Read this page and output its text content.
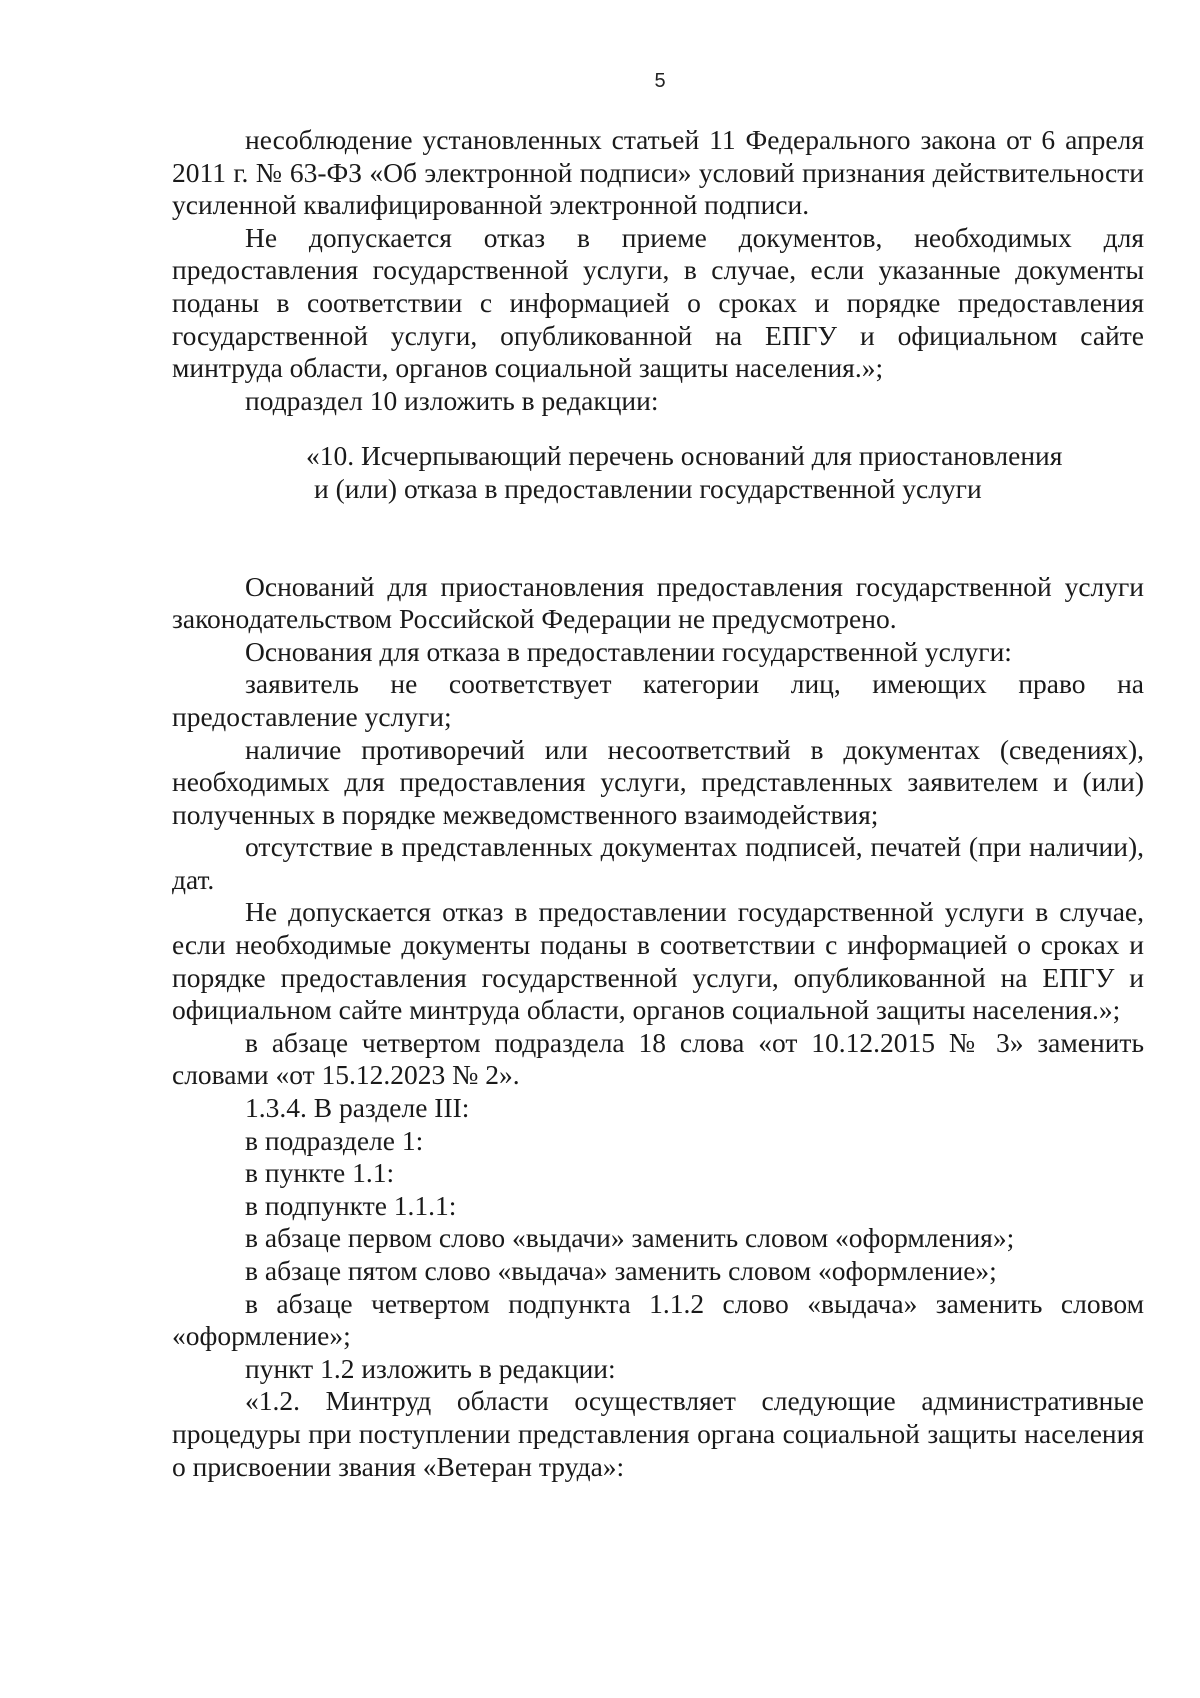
5

несоблюдение установленных статьей 11 Федерального закона от 6 апреля 2011 г. № 63-ФЗ «Об электронной подписи» условий признания действительности усиленной квалифицированной электронной подписи.

Не допускается отказ в приеме документов, необходимых для предоставления государственной услуги, в случае, если указанные документы поданы в соответствии с информацией о сроках и порядке предоставления государственной услуги, опубликованной на ЕПГУ и официальном сайте минтруда области, органов социальной защиты населения.»;

подраздел 10 изложить в редакции:

«10. Исчерпывающий перечень оснований для приостановления
и (или) отказа в предоставлении государственной услуги

Оснований для приостановления предоставления государственной услуги законодательством Российской Федерации не предусмотрено.

Основания для отказа в предоставлении государственной услуги:

заявитель не соответствует категории лиц, имеющих право на предоставление услуги;

наличие противоречий или несоответствий в документах (сведениях), необходимых для предоставления услуги, представленных заявителем и (или) полученных в порядке межведомственного взаимодействия;

отсутствие в представленных документах подписей, печатей (при наличии), дат.

Не допускается отказ в предоставлении государственной услуги в случае, если необходимые документы поданы в соответствии с информацией о сроках и порядке предоставления государственной услуги, опубликованной на ЕПГУ и официальном сайте минтруда области, органов социальной защиты населения.»;

в абзаце четвертом подраздела 18 слова «от 10.12.2015 № 3» заменить словами «от 15.12.2023 № 2».

1.3.4. В разделе III:

в подразделе 1:

в пункте 1.1:

в подпункте 1.1.1:

в абзаце первом слово «выдачи» заменить словом «оформления»;

в абзаце пятом слово «выдача» заменить словом «оформление»;

в абзаце четвертом подпункта 1.1.2 слово «выдача» заменить словом «оформление»;

пункт 1.2 изложить в редакции:

«1.2. Минтруд области осуществляет следующие административные процедуры при поступлении представления органа социальной защиты населения о присвоении звания «Ветеран труда»:
